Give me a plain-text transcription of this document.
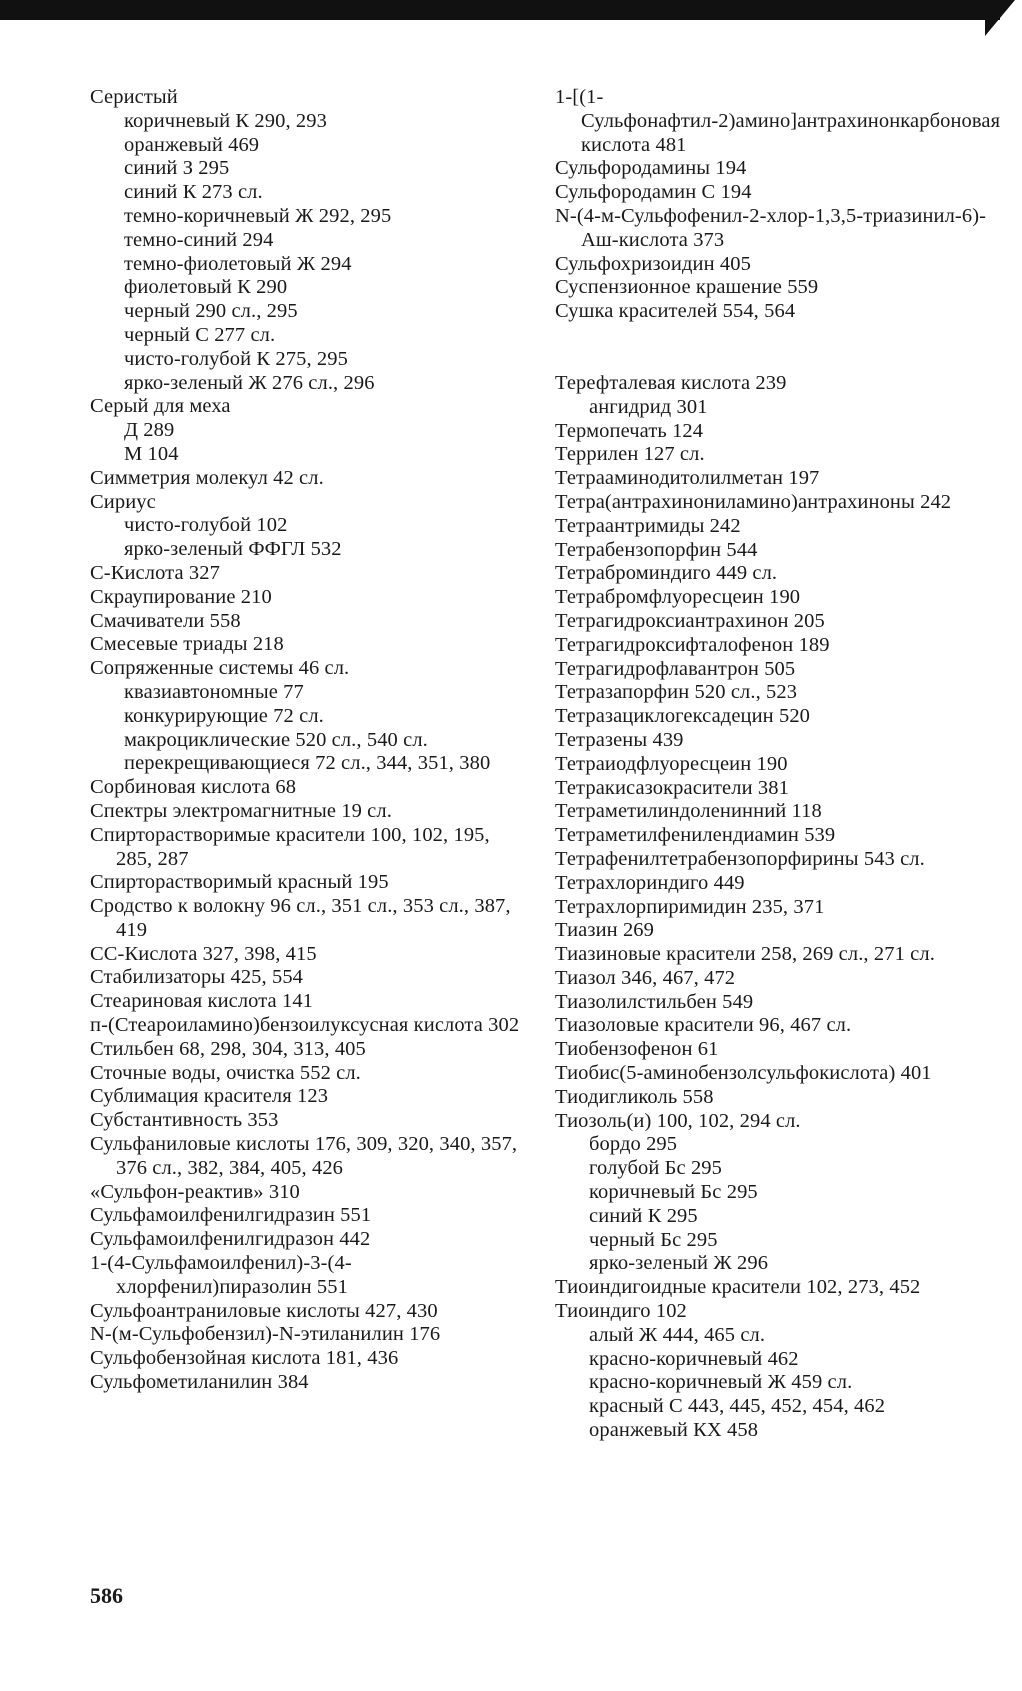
Серистый

коричневый К 290, 293

оранжевый 469

синий З 295

синий К 273 сл.

темно-коричневый Ж 292, 295

темно-синий 294

темно-фиолетовый Ж 294

фиолетовый К 290

черный 290 сл., 295

черный С 277 сл.

чисто-голубой К 275, 295

ярко-зеленый Ж 276 сл., 296

Серый для меха

Д 289

М 104

Симметрия молекул 42 сл.

Сириус

чисто-голубой 102

ярко-зеленый ФФГЛ 532

С-Кислота 327

Скраупирование 210

Смачиватели 558

Смесевые триады 218

Сопряженные системы 46 сл.

квазиавтономные 77

конкурирующие 72 сл.

макроциклические 520 сл., 540 сл.

перекрещивающиеся 72 сл., 344, 351, 380

Сорбиновая кислота 68

Спектры электромагнитные 19 сл.

Спирторастворимые красители 100, 102, 195, 285, 287

Спирторастворимый красный 195

Сродство к волокну 96 сл., 351 сл., 353 сл., 387, 419

СС-Кислота 327, 398, 415

Стабилизаторы 425, 554

Стеариновая кислота 141

п-(Стеароиламино)бензоилуксусная кислота 302

Стильбен 68, 298, 304, 313, 405

Сточные воды, очистка 552 сл.

Сублимация красителя 123

Субстантивность 353

Сульфаниловые кислоты 176, 309, 320, 340, 357, 376 сл., 382, 384, 405, 426

«Сульфон-реактив» 310

Сульфамоилфенилгидразин 551

Сульфамоилфенилгидразон 442

1-(4-Сульфамоилфенил)-3-(4-хлорфенил)пиразолин 551

Сульфоантраниловые кислоты 427, 430

N-(м-Сульфобензил)-N-этиланилин 176

Сульфобензойная кислота 181, 436

Сульфометиланилин 384

1-[(1-Сульфонафтил-2)амино]антрахинонкарбоновая кислота 481

Сульфородамины 194

Сульфородамин С 194

N-(4-м-Сульфофенил-2-хлор-1,3,5-триазинил-6)-Аш-кислота 373

Сульфохризоидин 405

Суспензионное крашение 559

Сушка красителей 554, 564

Терефталевая кислота 239

ангидрид 301

Термопечать 124

Террилен 127 сл.

Тетрааминодитолилметан 197

Тетра(антрахинониламино)антрахиноны 242

Тетраантримиды 242

Тетрабензопорфин 544

Тетраброминдиго 449 сл.

Тетрабромфлуоресцеин 190

Тетрагидроксиантрахинон 205

Тетрагидроксифталофенон 189

Тетрагидрофлавантрон 505

Тетразапорфин 520 сл., 523

Тетразациклогексадецин 520

Тетразены 439

Тетраиодфлуоресцеин 190

Тетракисазокрасители 381

Тетраметилиндоленинний 118

Тетраметилфенилендиамин 539

Тетрафенилтетрабензопорфирины 543 сл.

Тетрахлориндиго 449

Тетрахлорпиримидин 235, 371

Тиазин 269

Тиазиновые красители 258, 269 сл., 271 сл.

Тиазол 346, 467, 472

Тиазолилстильбен 549

Тиазоловые красители 96, 467 сл.

Тиобензофенон 61

Тиобис(5-аминобензолсульфокислота) 401

Тиодигликоль 558

Тиозоль(и) 100, 102, 294 сл.

бордо 295

голубой Бс 295

коричневый Бс 295

синий К 295

черный Бс 295

ярко-зеленый Ж 296

Тиоиндигоидные красители 102, 273, 452

Тиоиндиго 102

алый Ж 444, 465 сл.

красно-коричневый 462

красно-коричневый Ж 459 сл.

красный С 443, 445, 452, 454, 462

оранжевый КХ 458

586
